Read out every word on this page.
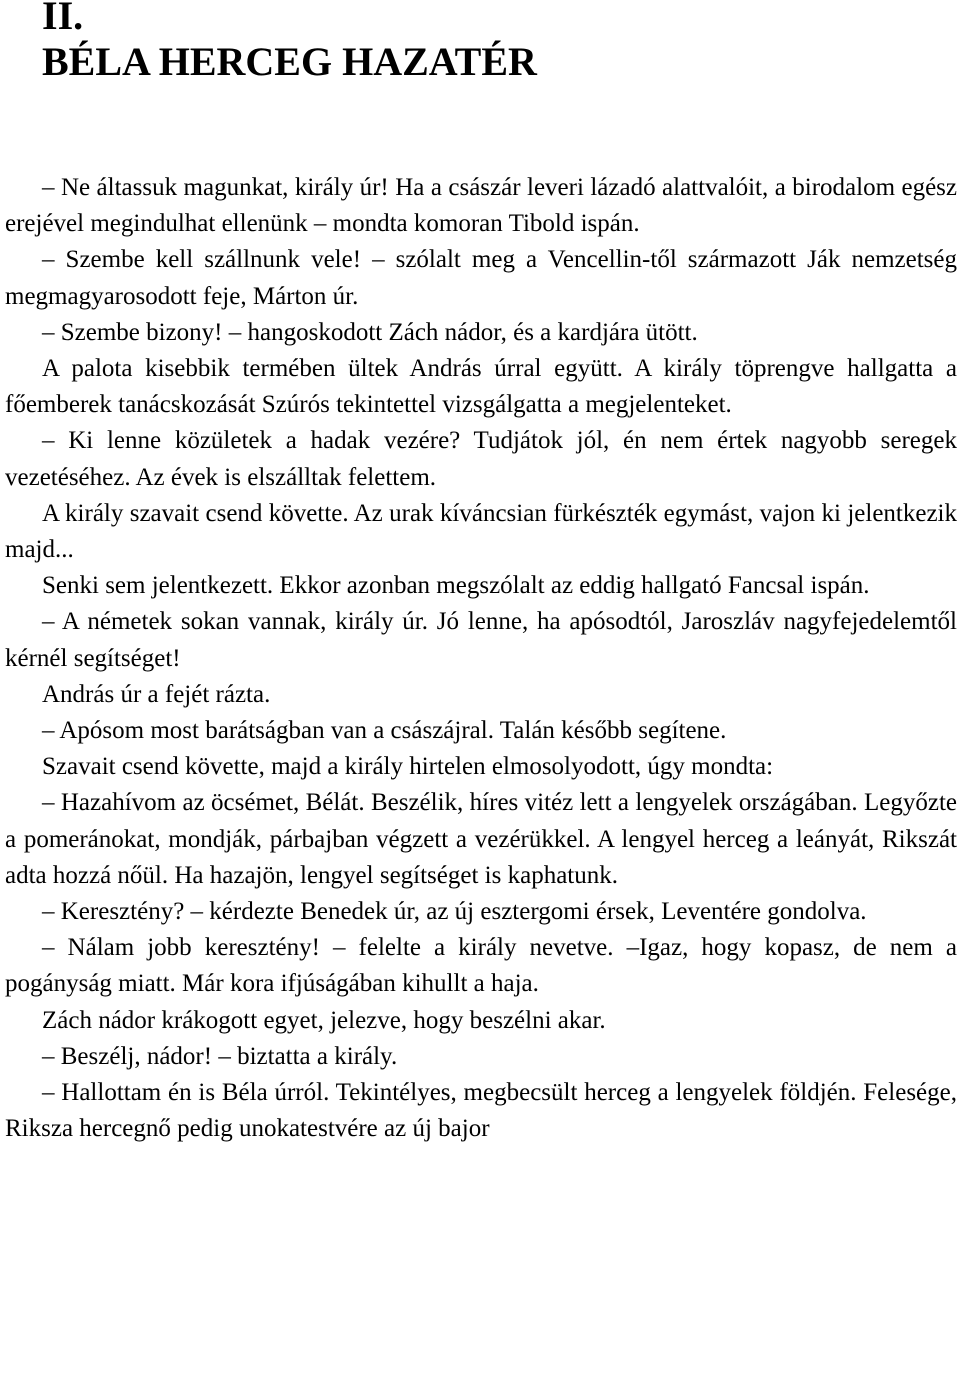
II.
BÉLA HERCEG HAZATÉR

– Ne áltassuk magunkat, király úr! Ha a császár leveri lázadó alattvalóit, a birodalom egész erejével megindulhat ellenünk – mondta komoran Tibold ispán.

– Szembe kell szállnunk vele! – szólalt meg a Vencellin-től származott Ják nemzetség megmagyarosodott feje, Márton úr.

– Szembe bizony! – hangoskodott Zách nádor, és a kardjára ütött.

A palota kisebbik termében ültek András úrral együtt. A király töprengve hallgatta a főemberek tanácskozását Szúrós tekintettel vizsgálgatta a megjelenteket.

– Ki lenne közületek a hadak vezére? Tudjátok jól, én nem értek nagyobb seregek vezetéséhez. Az évek is elszálltak felettem.

A király szavait csend követte. Az urak kíváncsian fürkészték egymást, vajon ki jelentkezik majd...

Senki sem jelentkezett. Ekkor azonban megszólalt az eddig hallgató Fancsal ispán.

– A németek sokan vannak, király úr. Jó lenne, ha apósodtól, Jaroszláv nagyfejedelemtől kérnél segítséget!

András úr a fejét rázta.

– Apósom most barátságban van a császájral. Talán később segítene.

Szavait csend követte, majd a király hirtelen elmosolyodott, úgy mondta:

– Hazahívom az öcsémet, Bélát. Beszélik, híres vitéz lett a lengyelek országában. Legyőzte a pomeránokat, mondják, párbajban végzett a vezérükkel. A lengyel herceg a leányát, Rikszát adta hozzá nőül. Ha hazajön, lengyel segítséget is kaphatunk.

– Keresztény? – kérdezte Benedek úr, az új esztergomi érsek, Leventére gondolva.

– Nálam jobb keresztény! – felelte a király nevetve. –Igaz, hogy kopasz, de nem a pogányság miatt. Már kora ifjúságában kihullt a haja.

Zách nádor krákogott egyet, jelezve, hogy beszélni akar.

– Beszélj, nádor! – biztatta a király.

– Hallottam én is Béla úrról. Tekintélyes, megbecsült herceg a lengyelek földjén. Felesége, Riksza hercegnő pedig unokatestvére az új bajor
